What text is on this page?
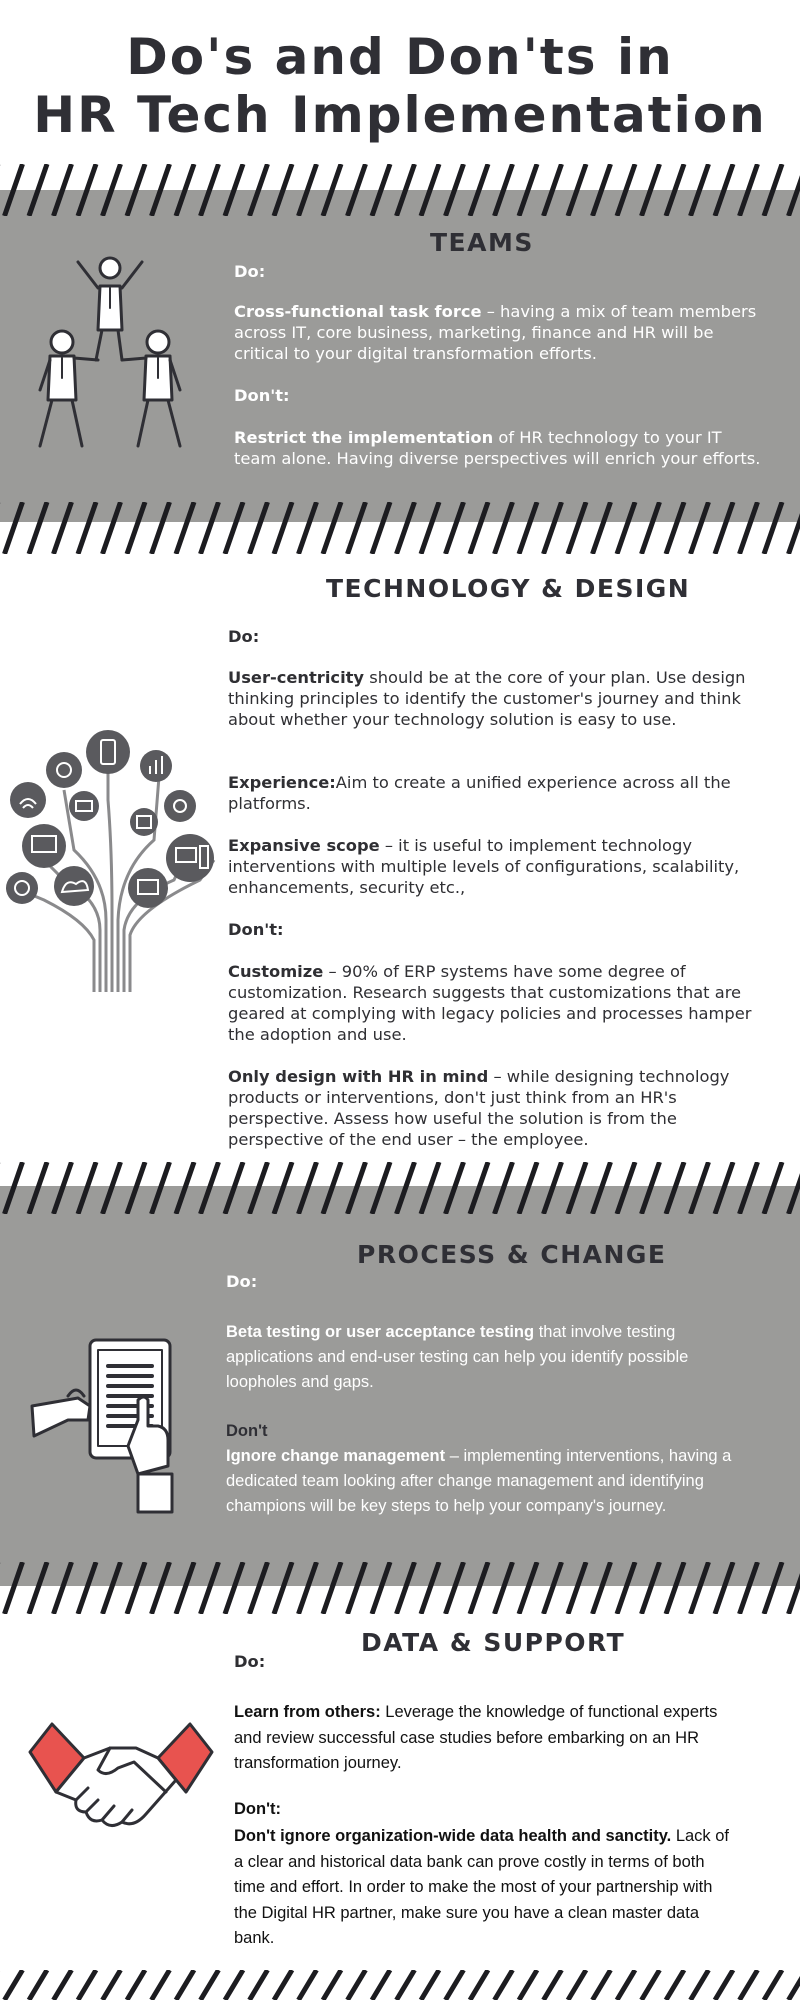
Do's and Don'ts in
HR Tech Implementation
TEAMS
Do:
Cross-functional task force – having a mix of team members across IT, core business, marketing, finance and HR will be critical to your digital transformation efforts.
Don't:
Restrict the implementation of HR technology to your IT team alone. Having diverse perspectives will enrich your efforts.
TECHNOLOGY & DESIGN
Do:
User-centricity should be at the core of your plan. Use design thinking principles to identify the customer's journey and think about whether your technology solution is easy to use.
Experience:Aim to create a unified experience across all the platforms.
Expansive scope – it is useful to implement technology interventions with multiple levels of configurations, scalability, enhancements, security etc.,
Don't:
Customize – 90% of ERP systems have some degree of customization. Research suggests that customizations that are geared at complying with legacy policies and processes hamper the adoption and use.
Only design with HR in mind – while designing technology products or interventions, don't just think from an HR's perspective. Assess how useful the solution is from the perspective of the end user – the employee.
PROCESS & CHANGE
Do:
Beta testing or user acceptance testing that involve testing applications and end-user testing can help you identify possible loopholes and gaps.
Don't
Ignore change management – implementing interventions, having a dedicated team looking after change management and identifying champions will be key steps to help your company's journey.
DATA & SUPPORT
Do:
Learn from others: Leverage the knowledge of functional experts and review successful case studies before embarking on an HR transformation journey.
Don't:
Don't ignore organization-wide data health and sanctity. Lack of a clear and historical data bank can prove costly in terms of both time and effort. In order to make the most of your partnership with the Digital HR partner, make sure you have a clean master data bank.
